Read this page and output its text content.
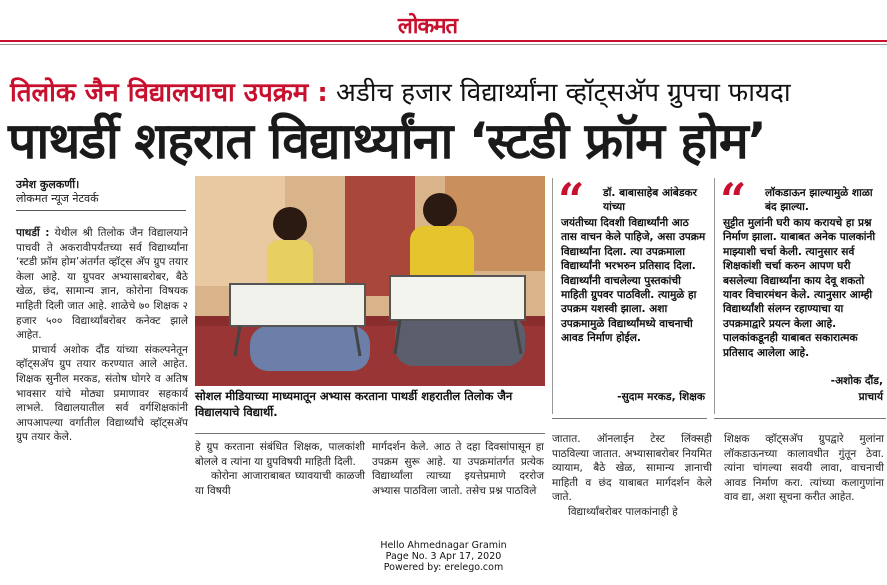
लोकमत
तिलोक जैन विद्यालयाचा उपक्रम : अडीच हजार विद्यार्थ्यांना व्हॉट्सअ‍ॅप ग्रुपचा फायदा
पाथर्डी शहरात विद्यार्थ्यांना ‘स्टडी फ्रॉम होम’
उमेश कुलकर्णी।
लोकमत न्यूज नेटवर्क

पाथर्डी : येथील श्री तिलोक जैन विद्यालयाने पाचवी ते अकरावीपर्यंतच्या सर्व विद्यार्थ्यांना ‘स्टडी फ्रॉम होम’अंतर्गत व्हॉट्स अ‍ॅप ग्रुप तयार केला आहे. या ग्रुपवर अभ्यासाबरोबर, बैठे खेळ, छंद, सामान्य ज्ञान, कोरोना विषयक माहिती दिली जात आहे. शाळेचे ७० शिक्षक २ हजार ५०० विद्यार्थ्यांबरोबर कनेक्ट झाले आहेत.

प्राचार्य अशोक दौंड यांच्या संकल्पनेतून व्हॉट्सअ‍ॅप ग्रुप तयार करण्यात आले आहेत. शिक्षक सुनील मरकड, संतोष घोगरे व अतिष भावसार यांचे मोठ्या प्रमाणावर सहकार्य लाभले. विद्यालयातील सर्व वर्गशिक्षकांनी आपआपल्या वर्गातील विद्यार्थ्यांचे व्हॉट्सअ‍ॅप ग्रुप तयार केले.

सोशल मीडियाच्या माध्यमातून अभ्यास करताना पाथर्डी शहरातील तिलोक जैन विद्यालयाचे विद्यार्थी.

हे ग्रुप करताना संबंधित शिक्षक, पालकांशी बोलले व त्यांना या ग्रुपविषयी माहिती दिली.

कोरोना आजाराबाबत घ्यावयाची काळजी या विषयी

मार्गदर्शन केले. आठ ते दहा दिवसांपासून हा उपक्रम सुरू आहे. या उपक्रमांतर्गत प्रत्येक विद्यार्थ्यांला त्याच्या इयत्तेप्रमाणे दररोज अभ्यास पाठविला जातो. तसेच प्रश्न पाठविले

“ डॉ. बाबासाहेब आंबेडकर यांच्या
जयंतीच्या दिवशी विद्यार्थ्यांनी आठ तास वाचन केले पाहिजे, असा उपक्रम विद्यार्थ्यांना दिला. त्या उपक्रमाला विद्यार्थ्यांनी भरभरुन प्रतिसाद दिला. विद्यार्थ्यांनी वाचलेल्या पुस्तकांची माहिती ग्रुपवर पाठविली. त्यामुळे हा उपक्रम यशस्वी झाला. अशा उपक्रमामुळे विद्यार्थ्यांमध्ये वाचनाची आवड निर्माण होईल.
-सुदाम मरकड, शिक्षक
“ लॉकडाऊन झाल्यामुळे शाळा बंद झाल्या.
सुट्टीत मुलांनी घरी काय करायचे हा प्रश्न निर्माण झाला. याबाबत अनेक पालकांनी माझ्याशी चर्चा केली. त्यानुसार सर्व शिक्षकांशी चर्चा करुन आपण घरी बसलेल्या विद्यार्थ्यांना काय देवू शकतो यावर विचारमंथन केले. त्यानुसार आम्ही विद्यार्थ्यांशी संलग्न रहाण्याचा या उपक्रमाद्वारे प्रयत्न केला आहे. पालकांकडूनही याबाबत सकारात्मक प्रतिसाद आलेला आहे.
-अशोक दौंड,
प्राचार्य

जातात. ऑनलाईन टेस्ट लिंक्सही पाठविल्या जातात. अभ्यासाबरोबर नियमित व्यायाम, बैठे खेळ, सामान्य ज्ञानाची माहिती व छंद याबाबत मार्गदर्शन केले जाते.

विद्यार्थ्यांबरोबर पालकांनाही हे

शिक्षक व्हॉट्सअ‍ॅप ग्रुपद्वारे मुलांना लॉकडाऊनच्या कालावधीत गुंतून ठेवा. त्यांना चांगल्या सवयी लावा, वाचनाची आवड निर्माण करा. त्यांच्या कलागुणांना वाव द्या, अशा सूचना करीत आहेत.

Hello Ahmednagar Gramin
Page No. 3 Apr 17, 2020
Powered by: erelego.com
